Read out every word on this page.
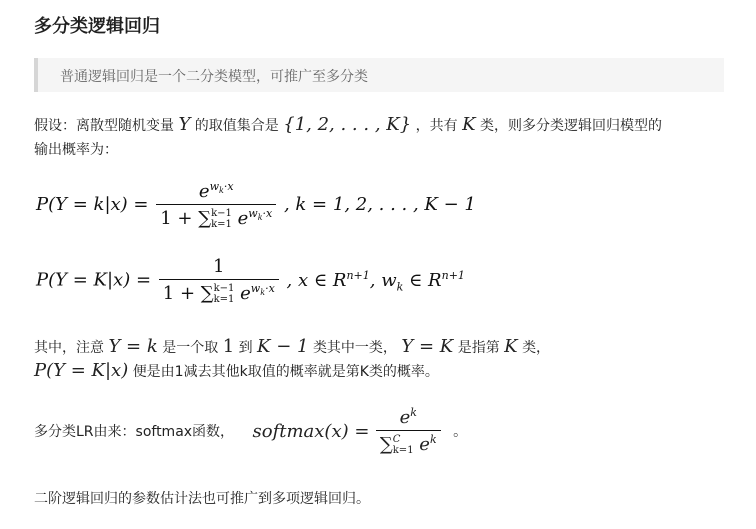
多分类逻辑回归
普通逻辑回归是一个二分类模型，可推广至多分类
假设：离散型随机变量 Y 的取值集合是 {1, 2, . . . , K} ，共有 K 类，则多分类逻辑回归模型的
输出概率为：
P(Y = k|x) =
$e^{w_k\cdot x}$
1 + ∑k−1
k=1 $e^{w_k\cdot x}$ , k = 1, 2, . . . , K − 1
P(Y = K|x) =
1
1 + ∑k−1
k=1 $e^{w_k\cdot x}$ , x ∈ $R^{n+1}$, $w_k$ ∈ $R^{n+1}$
其中，注意 Y = k 是一个取 1 到 K − 1 类其中一类， Y = K 是指第 K 类，
P(Y = K|x) 便是由1减去其他k取值的概率就是第K类的概率。
多分类LR由来：softmax函数， softmax(x) =
$e^k$
∑C
k=1 $e^k$ 。
二阶逻辑回归的参数估计法也可推广到多项逻辑回归。
